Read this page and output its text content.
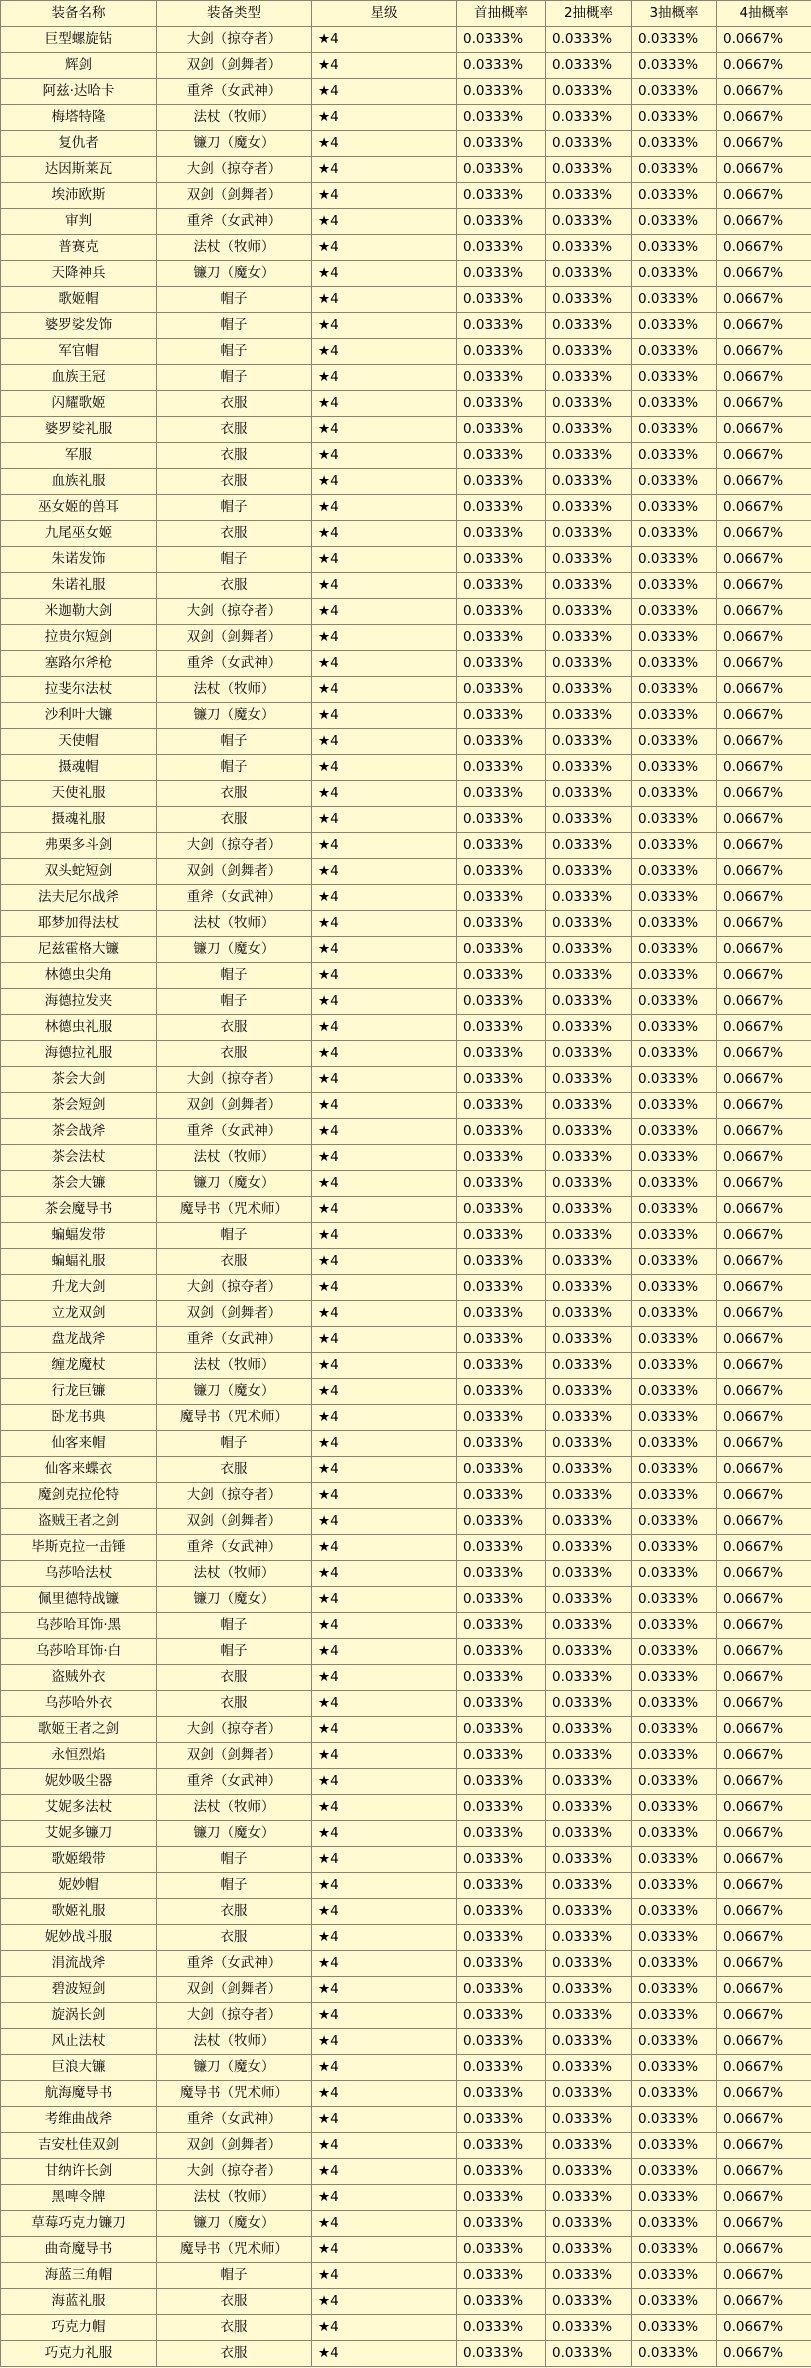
装备名称	装备类型	星级	首抽概率	2抽概率	3抽概率	4抽概率
巨型螺旋钻	大剑（掠夺者）	★4	0.0333%	0.0333%	0.0333%	0.0667%
辉剑	双剑（剑舞者）	★4	0.0333%	0.0333%	0.0333%	0.0667%
阿兹·达哈卡	重斧（女武神）	★4	0.0333%	0.0333%	0.0333%	0.0667%
梅塔特隆	法杖（牧师）	★4	0.0333%	0.0333%	0.0333%	0.0667%
复仇者	镰刀（魔女）	★4	0.0333%	0.0333%	0.0333%	0.0667%
达因斯莱瓦	大剑（掠夺者）	★4	0.0333%	0.0333%	0.0333%	0.0667%
埃沛欧斯	双剑（剑舞者）	★4	0.0333%	0.0333%	0.0333%	0.0667%
审判	重斧（女武神）	★4	0.0333%	0.0333%	0.0333%	0.0667%
普赛克	法杖（牧师）	★4	0.0333%	0.0333%	0.0333%	0.0667%
天降神兵	镰刀（魔女）	★4	0.0333%	0.0333%	0.0333%	0.0667%
歌姬帽	帽子	★4	0.0333%	0.0333%	0.0333%	0.0667%
婆罗娑发饰	帽子	★4	0.0333%	0.0333%	0.0333%	0.0667%
军官帽	帽子	★4	0.0333%	0.0333%	0.0333%	0.0667%
血族王冠	帽子	★4	0.0333%	0.0333%	0.0333%	0.0667%
闪耀歌姬	衣服	★4	0.0333%	0.0333%	0.0333%	0.0667%
婆罗娑礼服	衣服	★4	0.0333%	0.0333%	0.0333%	0.0667%
军服	衣服	★4	0.0333%	0.0333%	0.0333%	0.0667%
血族礼服	衣服	★4	0.0333%	0.0333%	0.0333%	0.0667%
巫女姬的兽耳	帽子	★4	0.0333%	0.0333%	0.0333%	0.0667%
九尾巫女姬	衣服	★4	0.0333%	0.0333%	0.0333%	0.0667%
朱诺发饰	帽子	★4	0.0333%	0.0333%	0.0333%	0.0667%
朱诺礼服	衣服	★4	0.0333%	0.0333%	0.0333%	0.0667%
米迦勒大剑	大剑（掠夺者）	★4	0.0333%	0.0333%	0.0333%	0.0667%
拉贵尔短剑	双剑（剑舞者）	★4	0.0333%	0.0333%	0.0333%	0.0667%
塞路尔斧枪	重斧（女武神）	★4	0.0333%	0.0333%	0.0333%	0.0667%
拉斐尔法杖	法杖（牧师）	★4	0.0333%	0.0333%	0.0333%	0.0667%
沙利叶大镰	镰刀（魔女）	★4	0.0333%	0.0333%	0.0333%	0.0667%
天使帽	帽子	★4	0.0333%	0.0333%	0.0333%	0.0667%
摄魂帽	帽子	★4	0.0333%	0.0333%	0.0333%	0.0667%
天使礼服	衣服	★4	0.0333%	0.0333%	0.0333%	0.0667%
摄魂礼服	衣服	★4	0.0333%	0.0333%	0.0333%	0.0667%
弗栗多斗剑	大剑（掠夺者）	★4	0.0333%	0.0333%	0.0333%	0.0667%
双头蛇短剑	双剑（剑舞者）	★4	0.0333%	0.0333%	0.0333%	0.0667%
法夫尼尔战斧	重斧（女武神）	★4	0.0333%	0.0333%	0.0333%	0.0667%
耶梦加得法杖	法杖（牧师）	★4	0.0333%	0.0333%	0.0333%	0.0667%
尼兹霍格大镰	镰刀（魔女）	★4	0.0333%	0.0333%	0.0333%	0.0667%
林德虫尖角	帽子	★4	0.0333%	0.0333%	0.0333%	0.0667%
海德拉发夹	帽子	★4	0.0333%	0.0333%	0.0333%	0.0667%
林德虫礼服	衣服	★4	0.0333%	0.0333%	0.0333%	0.0667%
海德拉礼服	衣服	★4	0.0333%	0.0333%	0.0333%	0.0667%
茶会大剑	大剑（掠夺者）	★4	0.0333%	0.0333%	0.0333%	0.0667%
茶会短剑	双剑（剑舞者）	★4	0.0333%	0.0333%	0.0333%	0.0667%
茶会战斧	重斧（女武神）	★4	0.0333%	0.0333%	0.0333%	0.0667%
茶会法杖	法杖（牧师）	★4	0.0333%	0.0333%	0.0333%	0.0667%
茶会大镰	镰刀（魔女）	★4	0.0333%	0.0333%	0.0333%	0.0667%
茶会魔导书	魔导书（咒术师）	★4	0.0333%	0.0333%	0.0333%	0.0667%
蝙蝠发带	帽子	★4	0.0333%	0.0333%	0.0333%	0.0667%
蝙蝠礼服	衣服	★4	0.0333%	0.0333%	0.0333%	0.0667%
升龙大剑	大剑（掠夺者）	★4	0.0333%	0.0333%	0.0333%	0.0667%
立龙双剑	双剑（剑舞者）	★4	0.0333%	0.0333%	0.0333%	0.0667%
盘龙战斧	重斧（女武神）	★4	0.0333%	0.0333%	0.0333%	0.0667%
缠龙魔杖	法杖（牧师）	★4	0.0333%	0.0333%	0.0333%	0.0667%
行龙巨镰	镰刀（魔女）	★4	0.0333%	0.0333%	0.0333%	0.0667%
卧龙书典	魔导书（咒术师）	★4	0.0333%	0.0333%	0.0333%	0.0667%
仙客来帽	帽子	★4	0.0333%	0.0333%	0.0333%	0.0667%
仙客来蝶衣	衣服	★4	0.0333%	0.0333%	0.0333%	0.0667%
魔剑克拉伦特	大剑（掠夺者）	★4	0.0333%	0.0333%	0.0333%	0.0667%
盗贼王者之剑	双剑（剑舞者）	★4	0.0333%	0.0333%	0.0333%	0.0667%
毕斯克拉一击锤	重斧（女武神）	★4	0.0333%	0.0333%	0.0333%	0.0667%
乌莎哈法杖	法杖（牧师）	★4	0.0333%	0.0333%	0.0333%	0.0667%
佩里德特战镰	镰刀（魔女）	★4	0.0333%	0.0333%	0.0333%	0.0667%
乌莎哈耳饰·黑	帽子	★4	0.0333%	0.0333%	0.0333%	0.0667%
乌莎哈耳饰·白	帽子	★4	0.0333%	0.0333%	0.0333%	0.0667%
盗贼外衣	衣服	★4	0.0333%	0.0333%	0.0333%	0.0667%
乌莎哈外衣	衣服	★4	0.0333%	0.0333%	0.0333%	0.0667%
歌姬王者之剑	大剑（掠夺者）	★4	0.0333%	0.0333%	0.0333%	0.0667%
永恒烈焰	双剑（剑舞者）	★4	0.0333%	0.0333%	0.0333%	0.0667%
妮妙吸尘器	重斧（女武神）	★4	0.0333%	0.0333%	0.0333%	0.0667%
艾妮多法杖	法杖（牧师）	★4	0.0333%	0.0333%	0.0333%	0.0667%
艾妮多镰刀	镰刀（魔女）	★4	0.0333%	0.0333%	0.0333%	0.0667%
歌姬缎带	帽子	★4	0.0333%	0.0333%	0.0333%	0.0667%
妮妙帽	帽子	★4	0.0333%	0.0333%	0.0333%	0.0667%
歌姬礼服	衣服	★4	0.0333%	0.0333%	0.0333%	0.0667%
妮妙战斗服	衣服	★4	0.0333%	0.0333%	0.0333%	0.0667%
涓流战斧	重斧（女武神）	★4	0.0333%	0.0333%	0.0333%	0.0667%
碧波短剑	双剑（剑舞者）	★4	0.0333%	0.0333%	0.0333%	0.0667%
旋涡长剑	大剑（掠夺者）	★4	0.0333%	0.0333%	0.0333%	0.0667%
风止法杖	法杖（牧师）	★4	0.0333%	0.0333%	0.0333%	0.0667%
巨浪大镰	镰刀（魔女）	★4	0.0333%	0.0333%	0.0333%	0.0667%
航海魔导书	魔导书（咒术师）	★4	0.0333%	0.0333%	0.0333%	0.0667%
考维曲战斧	重斧（女武神）	★4	0.0333%	0.0333%	0.0333%	0.0667%
吉安杜佳双剑	双剑（剑舞者）	★4	0.0333%	0.0333%	0.0333%	0.0667%
甘纳许长剑	大剑（掠夺者）	★4	0.0333%	0.0333%	0.0333%	0.0667%
黑啤令牌	法杖（牧师）	★4	0.0333%	0.0333%	0.0333%	0.0667%
草莓巧克力镰刀	镰刀（魔女）	★4	0.0333%	0.0333%	0.0333%	0.0667%
曲奇魔导书	魔导书（咒术师）	★4	0.0333%	0.0333%	0.0333%	0.0667%
海蓝三角帽	帽子	★4	0.0333%	0.0333%	0.0333%	0.0667%
海蓝礼服	衣服	★4	0.0333%	0.0333%	0.0333%	0.0667%
巧克力帽	衣服	★4	0.0333%	0.0333%	0.0333%	0.0667%
巧克力礼服	衣服	★4	0.0333%	0.0333%	0.0333%	0.0667%
